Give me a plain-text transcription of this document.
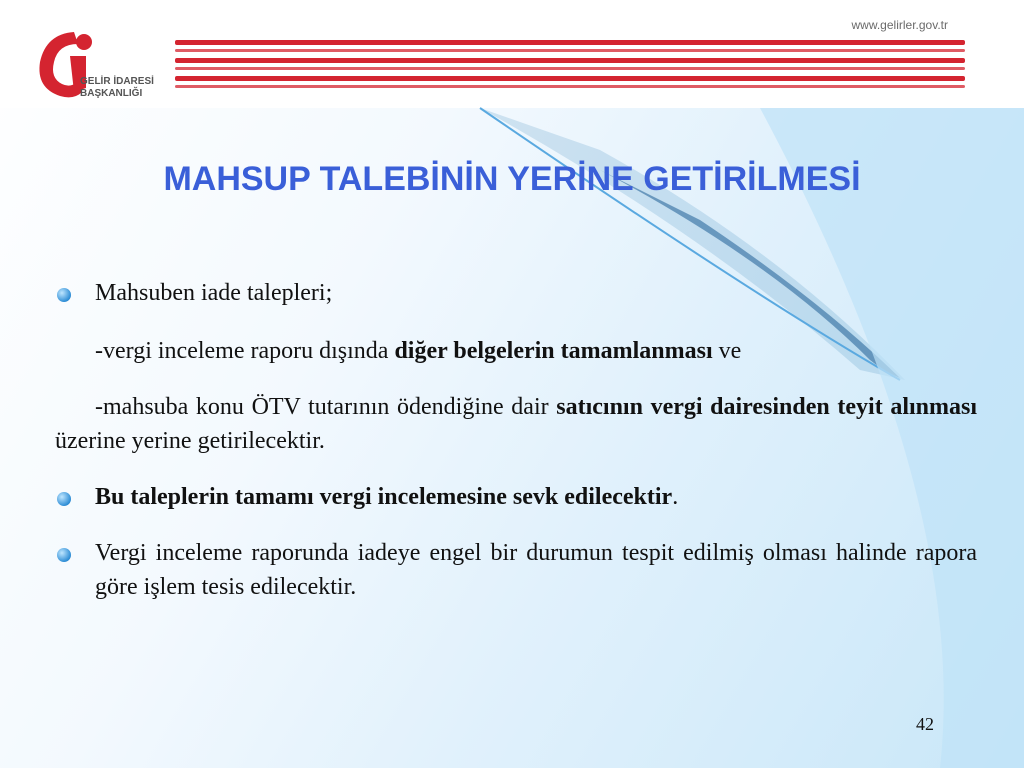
GELİR İDARESİ
BAŞKANLIĞI
www.gelirler.gov.tr
MAHSUP TALEBİNİN YERİNE GETİRİLMESİ

Mahsuben iade talepleri;

-vergi inceleme raporu dışında diğer belgelerin tamamlanması ve

-mahsuba konu ÖTV tutarının ödendiğine dair satıcının vergi dairesinden teyit alınması üzerine yerine getirilecektir.

Bu taleplerin tamamı vergi incelemesine sevk edilecektir.

Vergi inceleme raporunda iadeye engel bir durumun tespit edilmiş olması halinde rapora göre işlem tesis edilecektir.

42
